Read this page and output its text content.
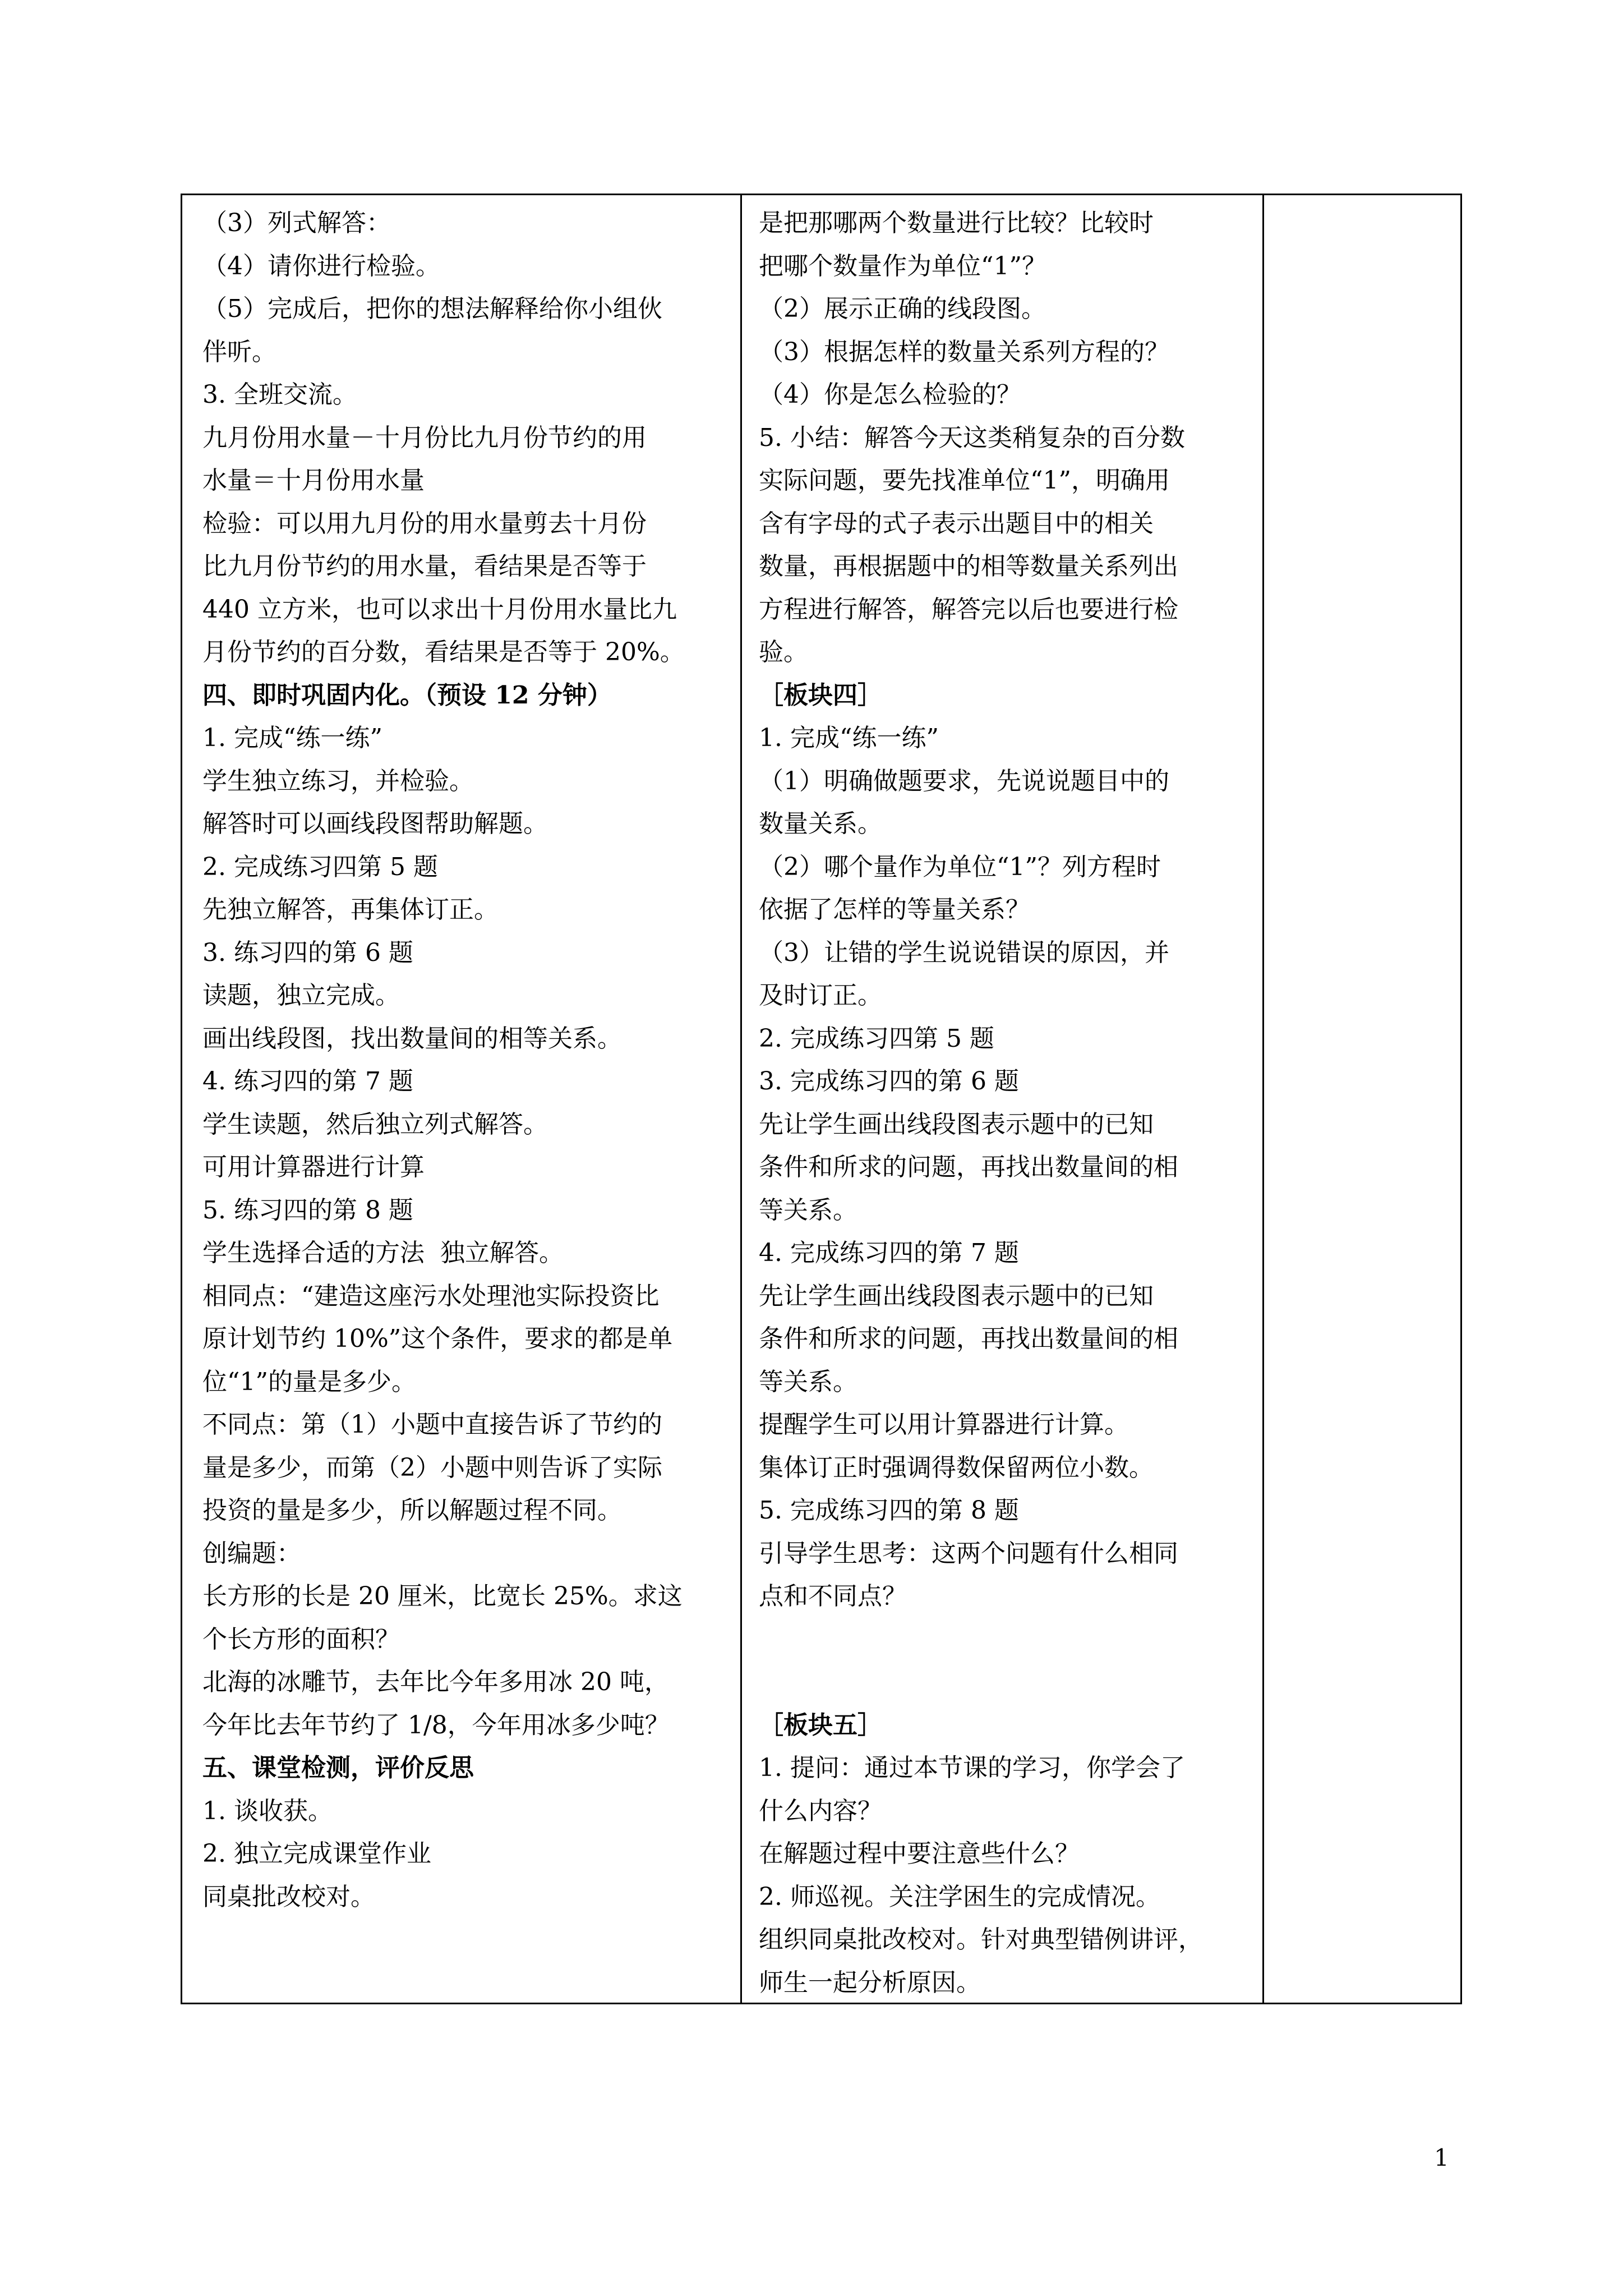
（3）列式解答：

（4）请你进行检验。

（5）完成后，把你的想法解释给你小组伙

伴听。

3. 全班交流。

九月份用水量－十月份比九月份节约的用

水量＝十月份用水量

检验：可以用九月份的用水量剪去十月份

比九月份节约的用水量，看结果是否等于

440 立方米，也可以求出十月份用水量比九

月份节约的百分数，看结果是否等于 20%。

四、即时巩固内化。（预设 12 分钟）

1. 完成“练一练”

学生独立练习，并检验。

解答时可以画线段图帮助解题。

2. 完成练习四第 5 题

先独立解答，再集体订正。

3. 练习四的第 6 题

读题，独立完成。

画出线段图，找出数量间的相等关系。

4. 练习四的第 7 题

学生读题，然后独立列式解答。

可用计算器进行计算

5. 练习四的第 8 题

学生选择合适的方法  独立解答。

相同点：“建造这座污水处理池实际投资比

原计划节约 10%”这个条件，要求的都是单

位“1”的量是多少。

不同点：第（1）小题中直接告诉了节约的

量是多少，而第（2）小题中则告诉了实际

投资的量是多少，所以解题过程不同。

创编题：

长方形的长是 20 厘米，比宽长 25%。求这

个长方形的面积？

北海的冰雕节，去年比今年多用冰 20 吨，

今年比去年节约了 1/8，今年用冰多少吨？

五、课堂检测，评价反思

1. 谈收获。

2. 独立完成课堂作业

同桌批改校对。

是把那哪两个数量进行比较？比较时

把哪个数量作为单位“1”？

（2）展示正确的线段图。

（3）根据怎样的数量关系列方程的？

（4）你是怎么检验的？

5. 小结：解答今天这类稍复杂的百分数

实际问题，要先找准单位“1”，明确用

含有字母的式子表示出题目中的相关

数量，再根据题中的相等数量关系列出

方程进行解答，解答完以后也要进行检

验。

［板块四］

1. 完成“练一练”

（1）明确做题要求，先说说题目中的

数量关系。

（2）哪个量作为单位“1”？列方程时

依据了怎样的等量关系？

（3）让错的学生说说错误的原因，并

及时订正。

2. 完成练习四第 5 题

3. 完成练习四的第 6 题

先让学生画出线段图表示题中的已知

条件和所求的问题，再找出数量间的相

等关系。

4. 完成练习四的第 7 题

先让学生画出线段图表示题中的已知

条件和所求的问题，再找出数量间的相

等关系。

提醒学生可以用计算器进行计算。

集体订正时强调得数保留两位小数。

5. 完成练习四的第 8 题

引导学生思考：这两个问题有什么相同

点和不同点？

［板块五］

1. 提问：通过本节课的学习，你学会了

什么内容？

在解题过程中要注意些什么？

2. 师巡视。关注学困生的完成情况。

组织同桌批改校对。针对典型错例讲评，

师生一起分析原因。

1
